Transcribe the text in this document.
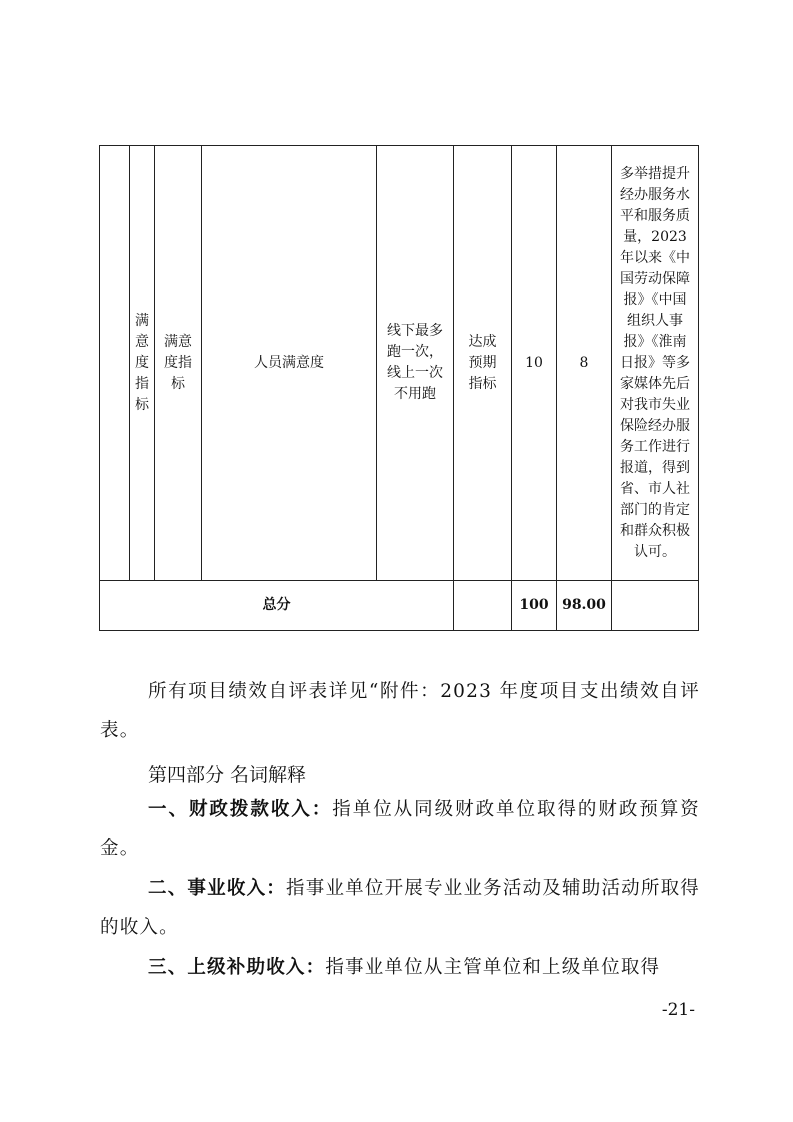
	满意度指标	满意度指标	人员满意度	线下最多跑一次，线上一次不用跑	达成预期指标	10	8	多举措提升经办服务水平和服务质量，2023 年以来《中国劳动保障报》《中国组织人事报》《淮南日报》等多家媒体先后对我市失业保险经办服务工作进行报道，得到省、市人社部门的肯定和群众积极认可。

总分						100	98.00	
所有项目绩效自评表详见“附件：2023 年度项目支出绩效自评表。
第四部分 名词解释
一、财政拨款收入：指单位从同级财政单位取得的财政预算资金。
二、事业收入：指事业单位开展专业业务活动及辅助活动所取得的收入。
三、上级补助收入：指事业单位从主管单位和上级单位取得
-21-
